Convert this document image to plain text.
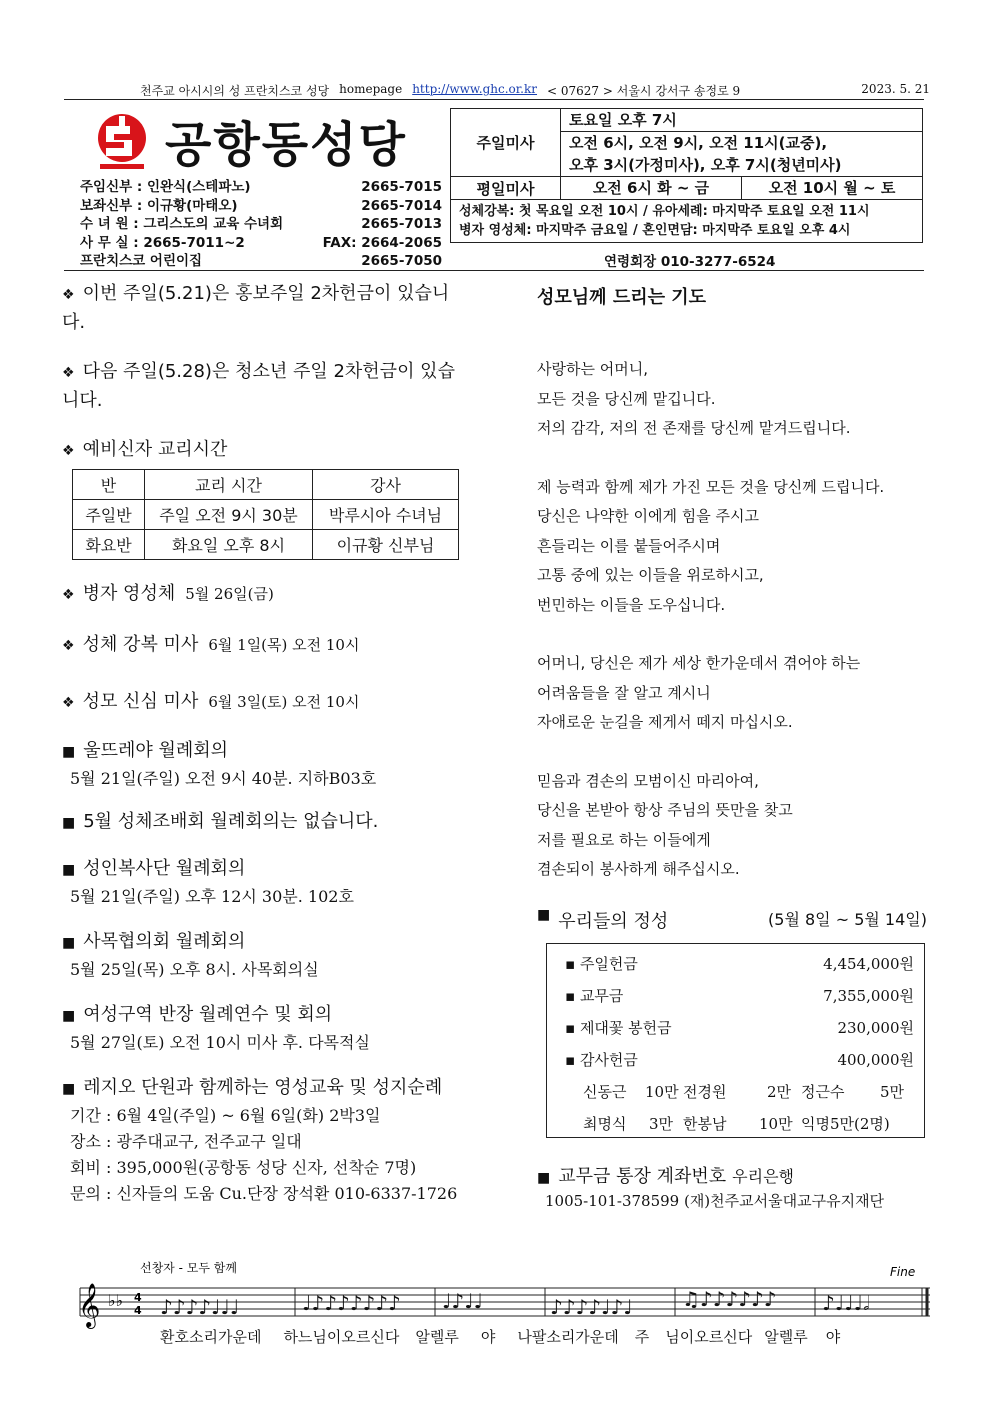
천주교 아시시의 성 프란치스코 성당 homepage http://www.ghc.or.kr < 07627 > 서울시 강서구 송정로 9	2023. 5. 21
공항동성당
주임신부 : 인완식(스테파노)	2665-7015
보좌신부 : 이규황(마태오)	2665-7014
수 녀 원 : 그리스도의 교육 수녀회	2665-7013
사 무 실 : 2665-7011~2	FAX: 2664-2065
프란치스코 어린이집	2665-7050
주일미사
토요일 오후 7시
오전 6시, 오전 9시, 오전 11시(교중),
오후 3시(가정미사), 오후 7시(청년미사)
평일미사	오전 6시 화 ~ 금	오전 10시 월 ~ 토
성체강복: 첫 목요일 오전 10시 / 유아세례: 마지막주 토요일 오전 11시
병자 영성체: 마지막주 금요일 / 혼인면담: 마지막주 토요일 오후 4시
연령회장 010-3277-6524
❖ 이번 주일(5.21)은 홍보주일 2차헌금이 있습니다.
❖ 다음 주일(5.28)은 청소년 주일 2차헌금이 있습니다.
❖ 예비신자 교리시간
반	교리 시간	강사
주일반	주일 오전 9시 30분	박루시아 수녀님
화요반	화요일 오후 8시	이규황 신부님
❖ 병자 영성체 5월 26일(금)
❖ 성체 강복 미사 6월 1일(목) 오전 10시
❖ 성모 신심 미사 6월 3일(토) 오전 10시
■ 울뜨레야 월례회의
5월 21일(주일) 오전 9시 40분. 지하B03호
■ 5월 성체조배회 월례회의는 없습니다.
■ 성인복사단 월례회의
5월 21일(주일) 오후 12시 30분. 102호
■ 사목협의회 월례회의
5월 25일(목) 오후 8시. 사목회의실
■ 여성구역 반장 월례연수 및 회의
5월 27일(토) 오전 10시 미사 후. 다목적실
■ 레지오 단원과 함께하는 영성교육 및 성지순례
기간 : 6월 4일(주일) ~ 6월 6일(화) 2박3일
장소 : 광주대교구, 전주교구 일대
회비 : 395,000원(공항동 성당 신자, 선착순 7명)
문의 : 신자들의 도움 Cu.단장 장석환 010-6337-1726
성모님께 드리는 기도
사랑하는 어머니,
모든 것을 당신께 맡깁니다.
저의 감각, 저의 전 존재를 당신께 맡겨드립니다.
제 능력과 함께 제가 가진 모든 것을 당신께 드립니다.
당신은 나약한 이에게 힘을 주시고
흔들리는 이를 붙들어주시며
고통 중에 있는 이들을 위로하시고,
번민하는 이들을 도우십니다.
어머니, 당신은 제가 세상 한가운데서 겪어야 하는
어려움들을 잘 알고 계시니
자애로운 눈길을 제게서 떼지 마십시오.
믿음과 겸손의 모범이신 마리아여,
당신을 본받아 항상 주님의 뜻만을 찾고
저를 필요로 하는 이들에게
겸손되이 봉사하게 해주십시오.
■ 우리들의 정성	(5월 8일 ~ 5월 14일)
▪ 주일헌금	4,454,000원
▪ 교무금	7,355,000원
▪ 제대꽃 봉헌금	230,000원
▪ 감사헌금	400,000원
신동근	10만 전경원	2만 정근수	5만
최명식	3만 한봉남	10만 익명5만(2명)
■ 교무금 통장 계좌번호 우리은행
1005-101-378599 (재)천주교서울대교구유지재단
선창자 - 모두 함께	Fine
𝄞 ♭♭ 4
4 ♪♪♪♪♩♩♩	♩♪♪♪♪♪♪♪ ♩♪♩♩	♪♪♪♪♩♪♩ ♫♪♪♪♪♪♪ ♪♩♩♩𝅗𝅥
환호소리가운데 하느님이오르신다 알렐루 야 나팔소리가운데 주 님이오르신다 알렐루 야
